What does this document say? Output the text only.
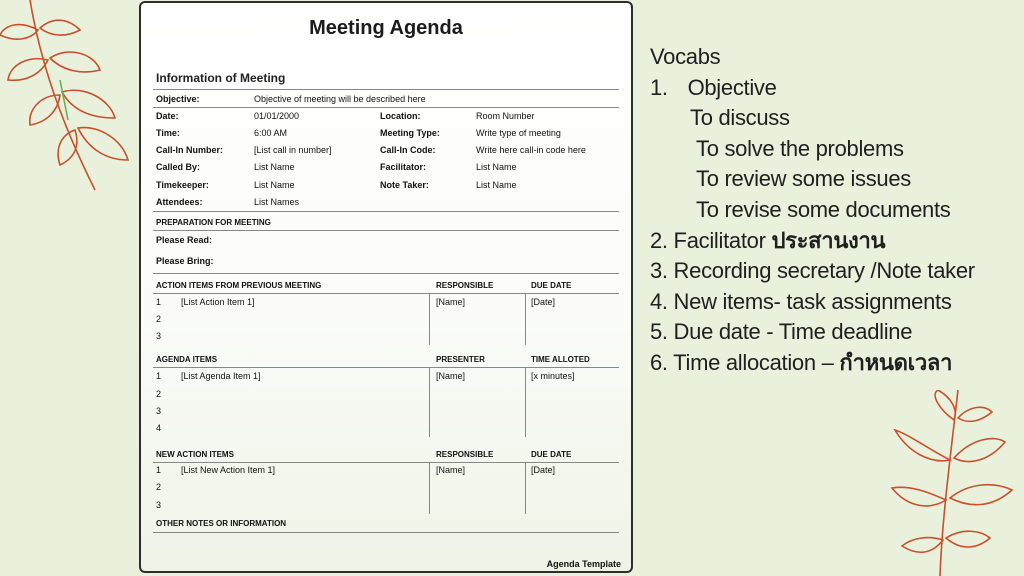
Meeting Agenda
Information of Meeting
Objective:	Objective of meeting will be described here
Date:	01/01/2000	Location:	Room Number
Time:	6:00 AM	Meeting Type:	Write type of meeting
Call-In Number:	[List call in number]	Call-In Code:	Write here call-in code here
Called By:	List Name	Facilitator:	List Name
Timekeeper:	List Name	Note Taker:	List Name
Attendees:	List Names
PREPARATION FOR MEETING
Please Read:
Please Bring:
ACTION ITEMS FROM PREVIOUS MEETING	RESPONSIBLE	DUE DATE
1 [List Action Item 1]	[Name]	[Date]
2
3
AGENDA ITEMS	PRESENTER	TIME ALLOTED
1 [List Agenda Item 1]	[Name]	[x minutes]
2
3
4
NEW ACTION ITEMS	RESPONSIBLE	DUE DATE
1 [List New Action Item 1]	[Name]	[Date]
2
3
OTHER NOTES OR INFORMATION
Agenda Template
Vocabs
1. Objective
To discuss
To solve the problems
To review some issues
To revise some documents
2. Facilitator ประสานงาน
3. Recording secretary /Note taker
4. New items- task assignments
5. Due date - Time deadline
6. Time allocation – กำหนดเวลา
